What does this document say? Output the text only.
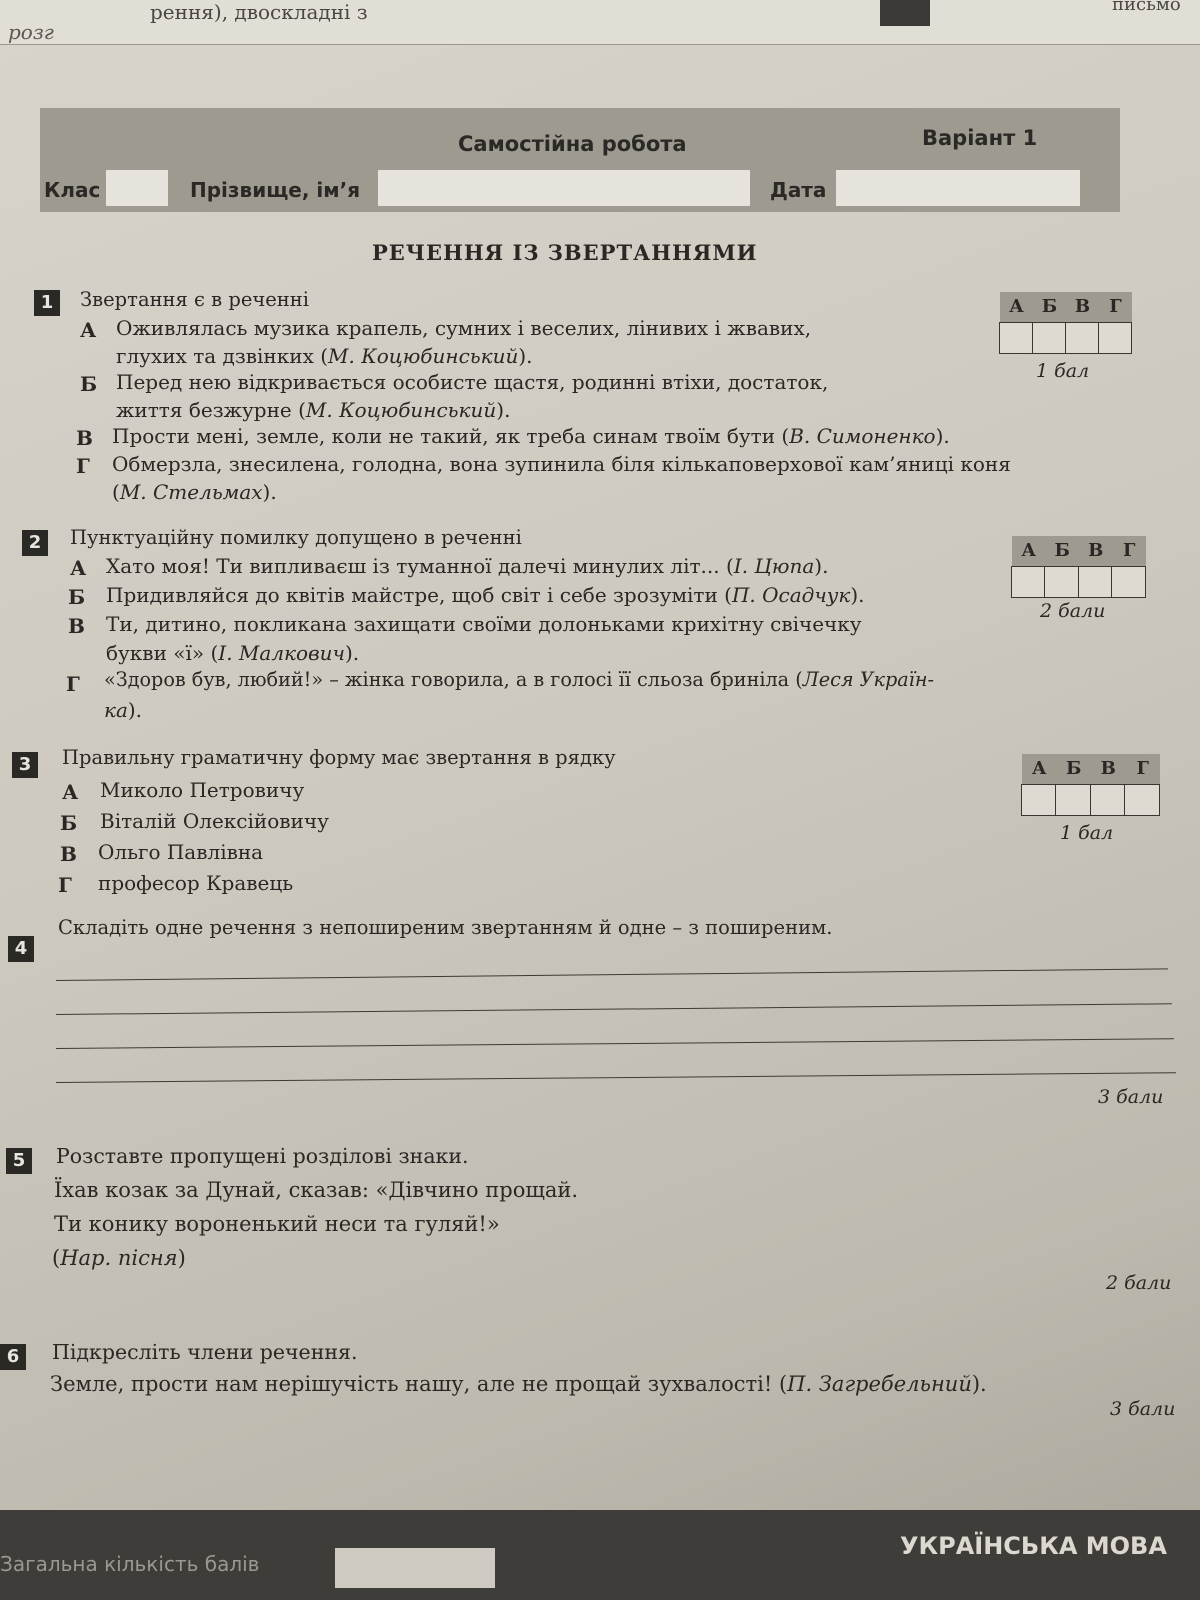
рення), двоскладні з
розг
письмо
Самостійна робота	Варіант 1
Клас	Прізвище, ім’я	Дата
РЕЧЕННЯ ІЗ ЗВЕРТАННЯМИ
1	Звертання є в реченні
А Оживлялась музика крапель, сумних і веселих, лінивих і жвавих,
глухих та дзвінких (М. Коцюбинський).
Б Перед нею відкривається особисте щастя, родинні втіхи, достаток,
життя безжурне (М. Коцюбинський).
В Прости мені, земле, коли не такий, як треба синам твоїм бути (В. Симоненко).
Г Обмерзла, знесилена, голодна, вона зупинила біля кількаповерхової кам’яниці коня
(М. Стельмах).
А Б В	Г
1 бал
2	Пунктуаційну помилку допущено в реченні
А Хато моя! Ти випливаєш із туманної далечі минулих літ... (І. Цюпа).
Б Придивляйся до квітів майстре, щоб світ і себе зрозуміти (П. Осадчук).
В Ти, дитино, покликана захищати своїми долоньками крихітну свічечку
букви «ї» (І. Малкович).
Г «Здоров був, любий!» – жінка говорила, а в голосі її сльоза бриніла (Леся Україн-
ка).
А	Б	В	Г
2 бали
3	Правильну граматичну форму має звертання в рядку
А Миколо Петровичу
Б Віталій Олексійовичу
В Ольго Павлівна
Г професор Кравець
А	Б	В	Г
1 бал
4
Складіть одне речення з непоширеним звертанням й одне – з поширеним.
3 бали
5	Розставте пропущені розділові знаки.
Їхав козак за Дунай, сказав: «Дівчино прощай.
Ти конику вороненький неси та гуляй!»
(Нар. пісня)
2 бали
6	Підкресліть члени речення.
Земле, прости нам нерішучість нашу, але не прощай зухвалості! (П. Загребельний).
3 бали
Загальна кількість балів
УКРАЇНСЬКА МОВА
